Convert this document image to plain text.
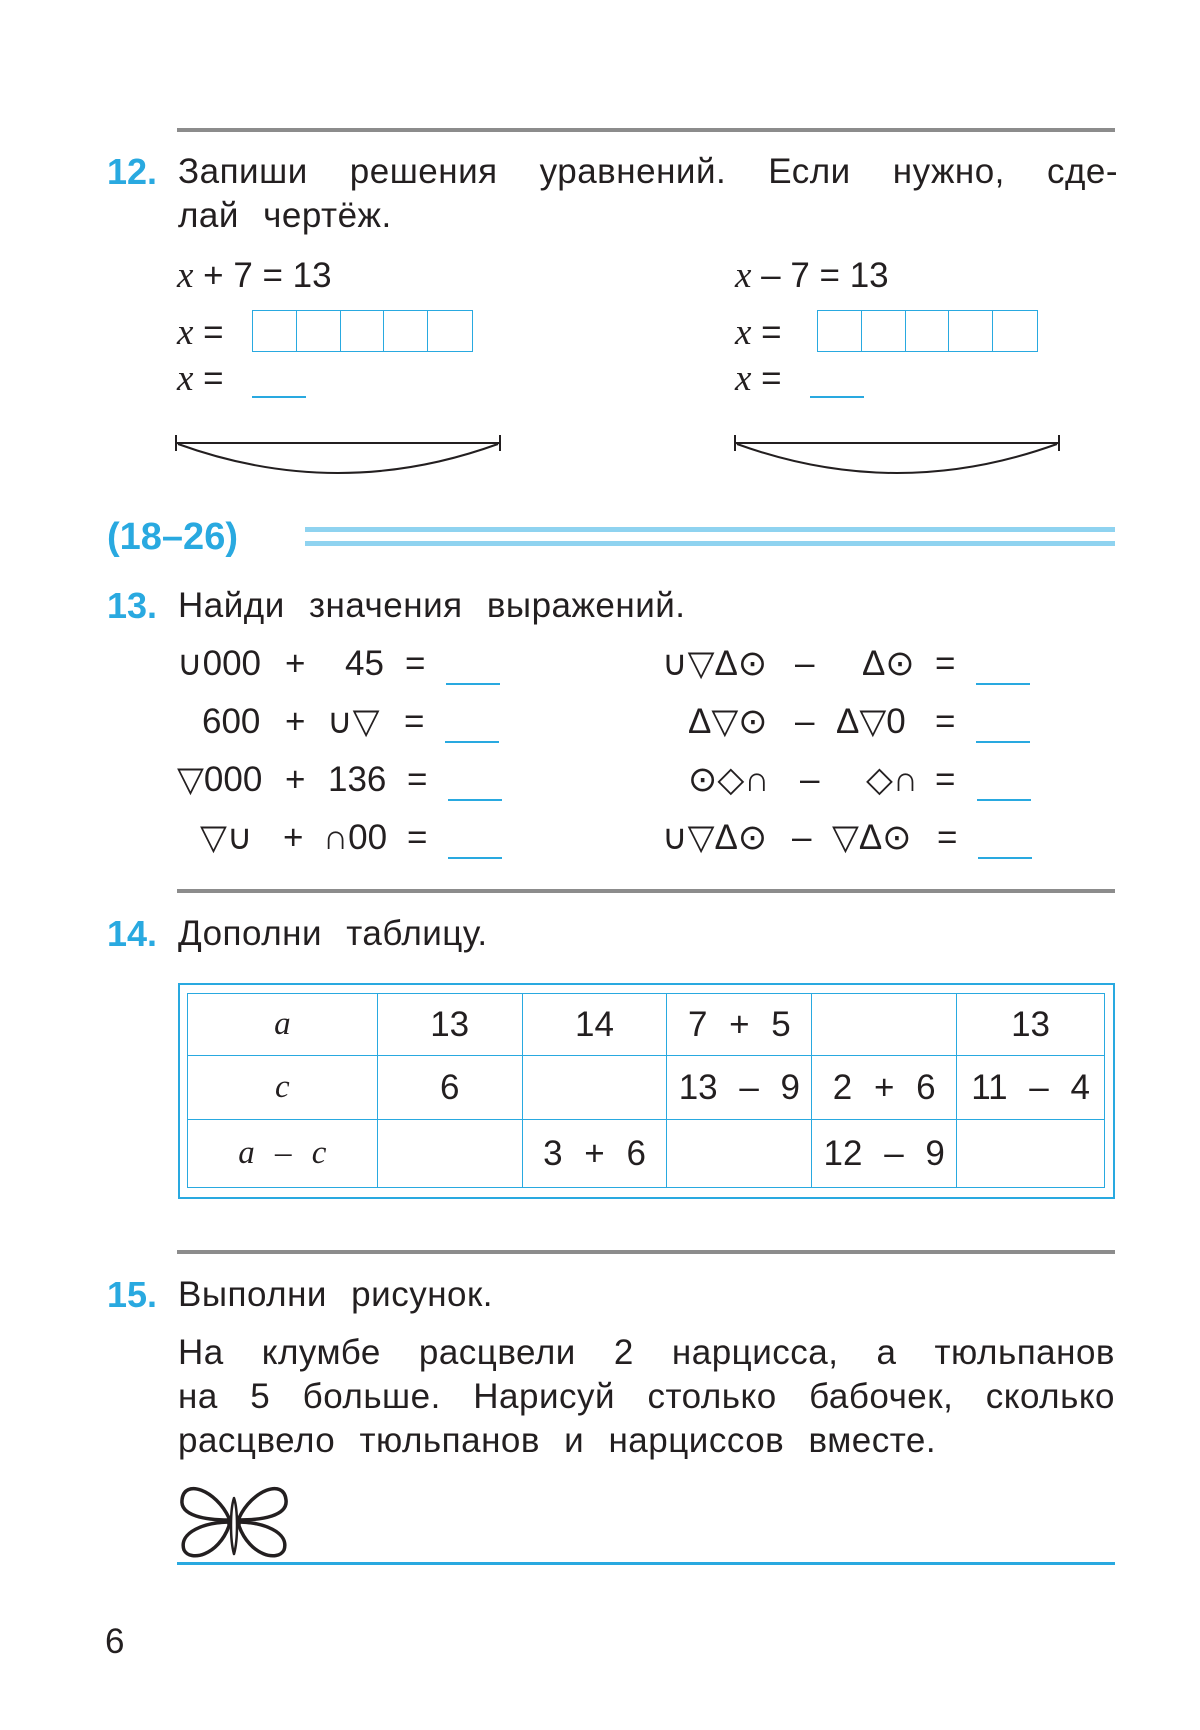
12. Запиши решения уравнений. Если нужно, сде-
лай чертёж.
x + 7 = 13
x =
x =
x – 7 = 13
x =
x =
(18–26)
13. Найди значения выражений.
∪000 + 45 =
600 + ∪▽ =
▽000 + 136 =
▽∪ + ∩00 =
∪▽Δ⊙ – Δ⊙ =
Δ▽⊙ – Δ▽0 =
⊙◇∩ – ◇∩ =
∪▽Δ⊙ – ▽Δ⊙ =
14. Дополни таблицу.
a	13	14	7 + 5		13
c	6		13 – 9	2 + 6	11 – 4
a – c		3 + 6		12 – 9	
15. Выполни рисунок.
На клумбе расцвели 2 нарцисса, а тюльпанов
на 5 больше. Нарисуй столько бабочек, сколько
расцвело тюльпанов и нарциссов вместе.
6
